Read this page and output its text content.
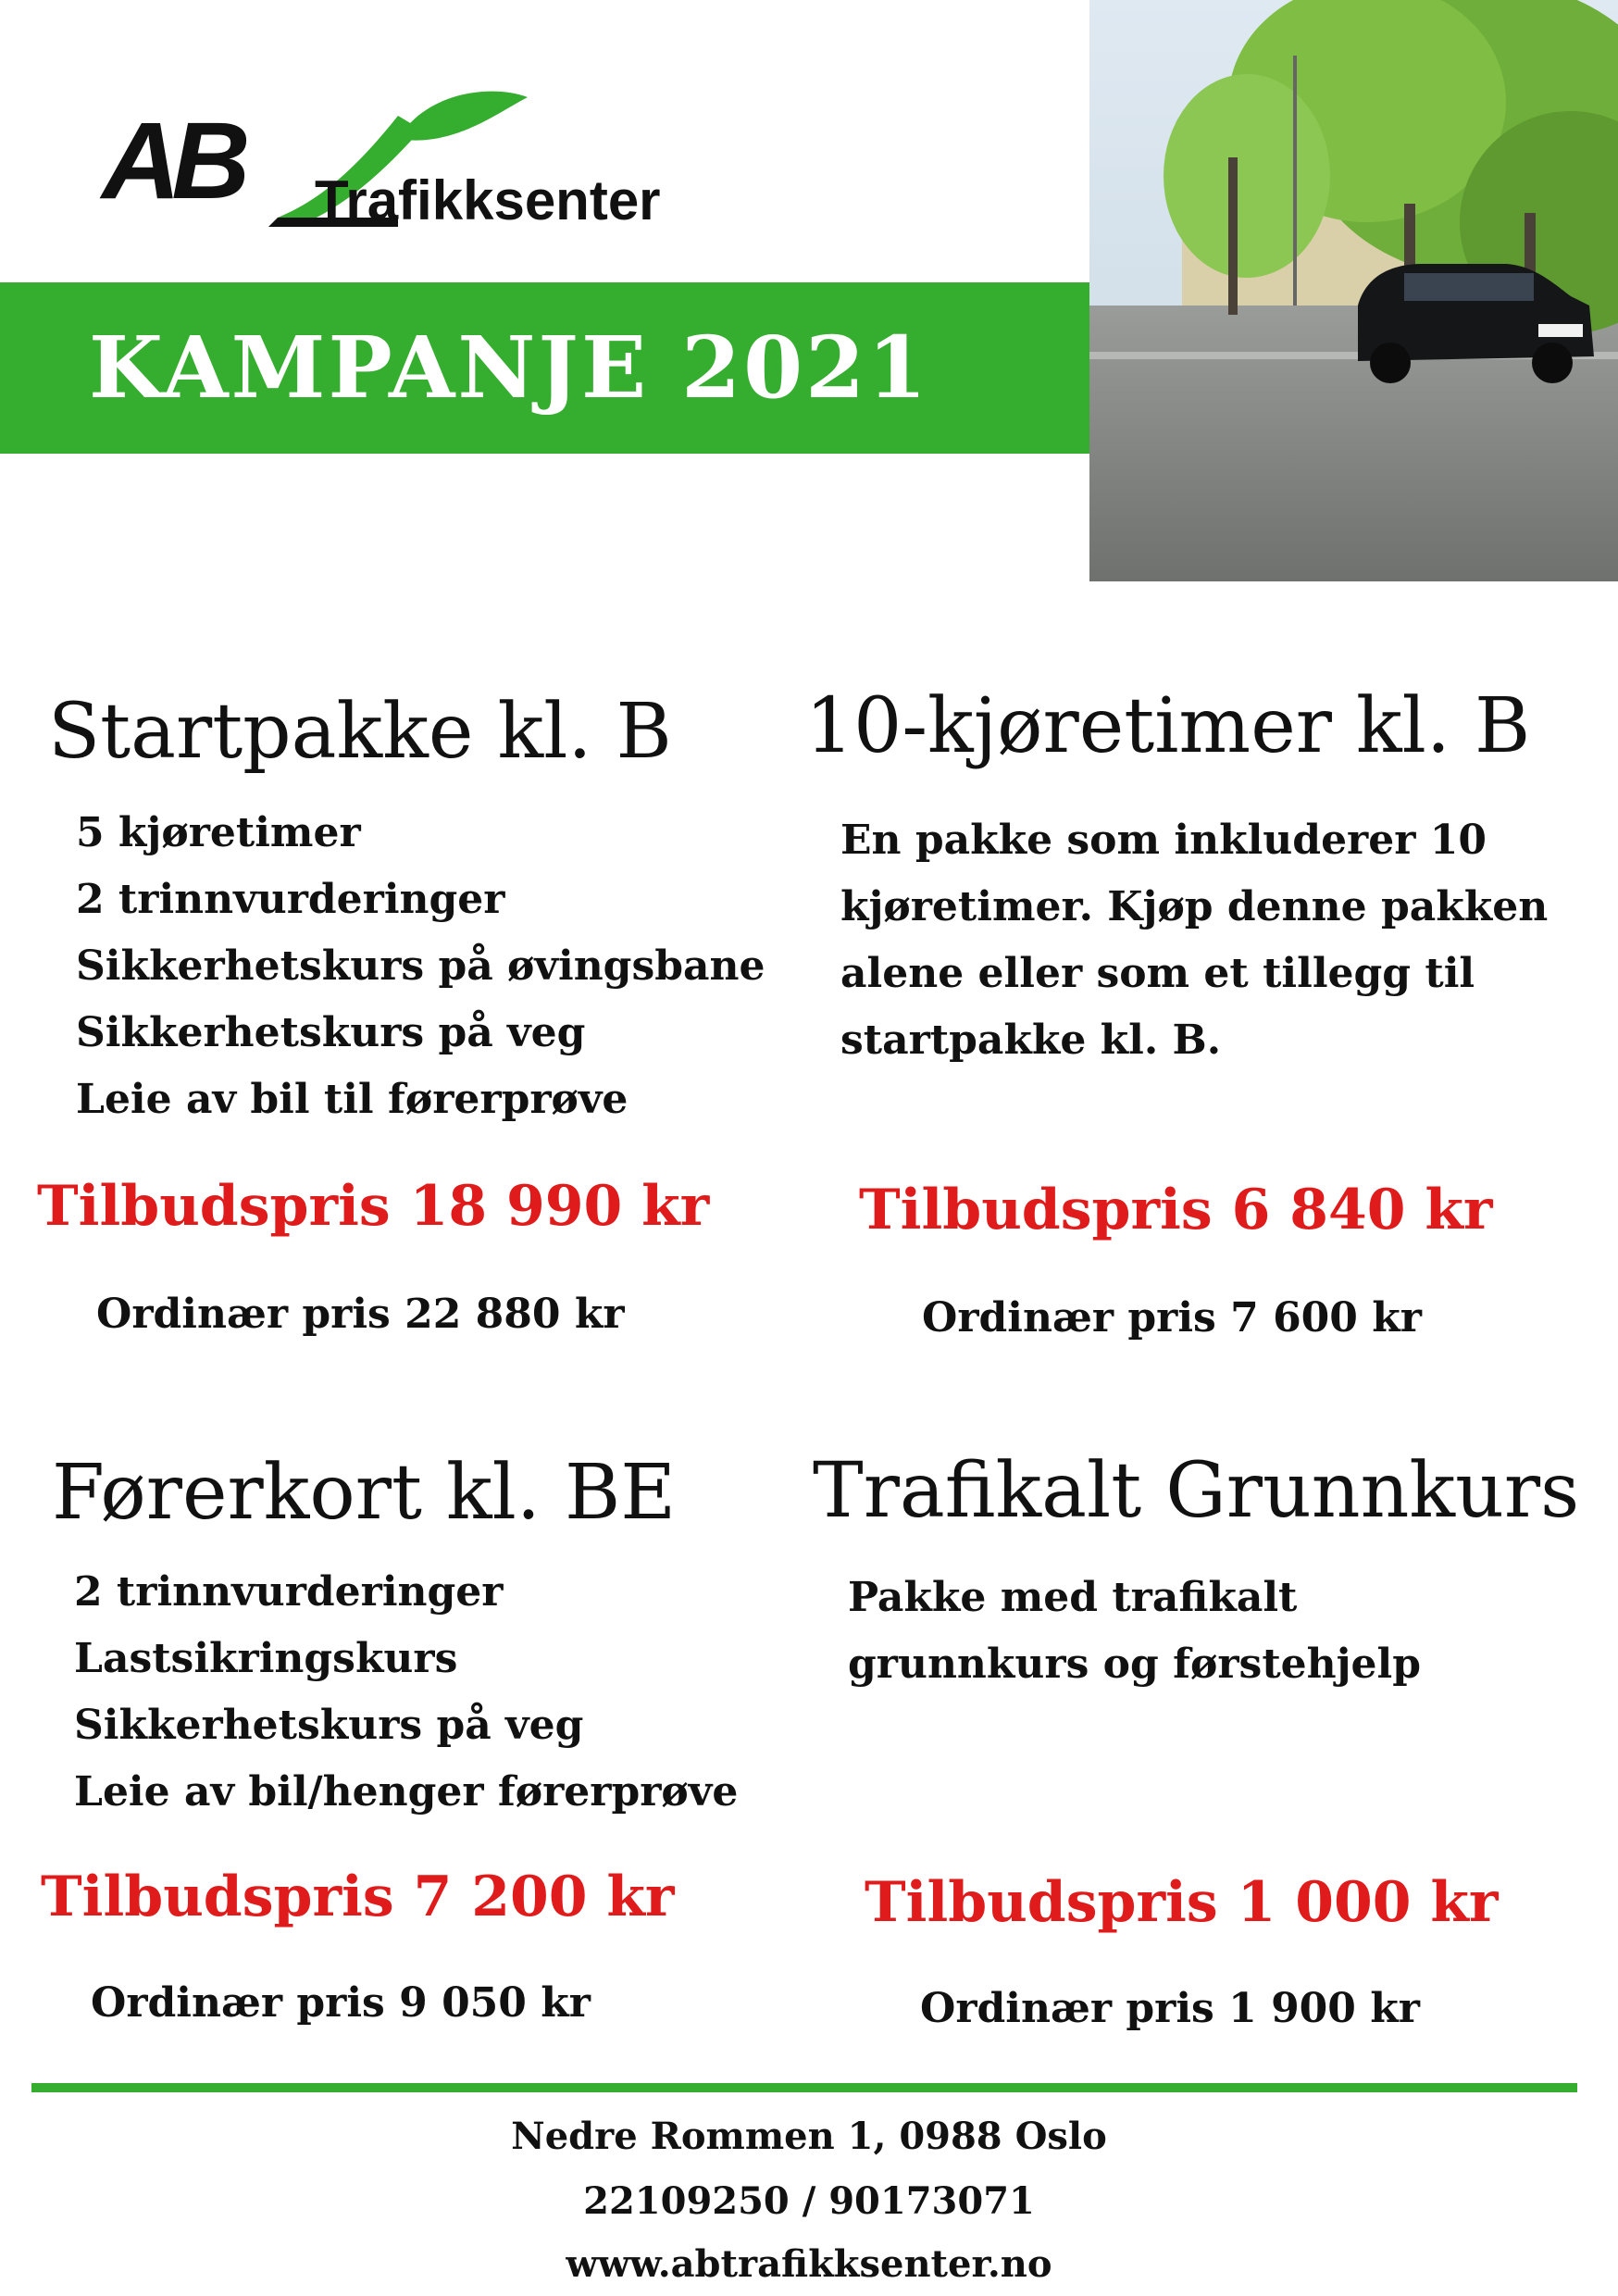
AB Trafikksenter
KAMPANJE 2021
Startpakke kl. B
5 kjøretimer
2 trinnvurderinger
Sikkerhetskurs på øvingsbane
Sikkerhetskurs på veg
Leie av bil til førerprøve
Tilbudspris 18 990 kr
Ordinær pris 22 880 kr
10-kjøretimer kl. B
En pakke som inkluderer 10 kjøretimer. Kjøp denne pakken alene eller som et tillegg til startpakke kl. B.
Tilbudspris 6 840 kr
Ordinær pris 7 600 kr
Førerkort kl. BE
2 trinnvurderinger
Lastsikringskurs
Sikkerhetskurs på veg
Leie av bil/henger førerprøve
Tilbudspris 7 200 kr
Ordinær pris 9 050 kr
Trafikalt Grunnkurs
Pakke med trafikalt grunnkurs og førstehjelp
Tilbudspris 1 000 kr
Ordinær pris 1 900 kr
Nedre Rommen 1, 0988 Oslo
22109250 / 90173071
www.abtrafikksenter.no
